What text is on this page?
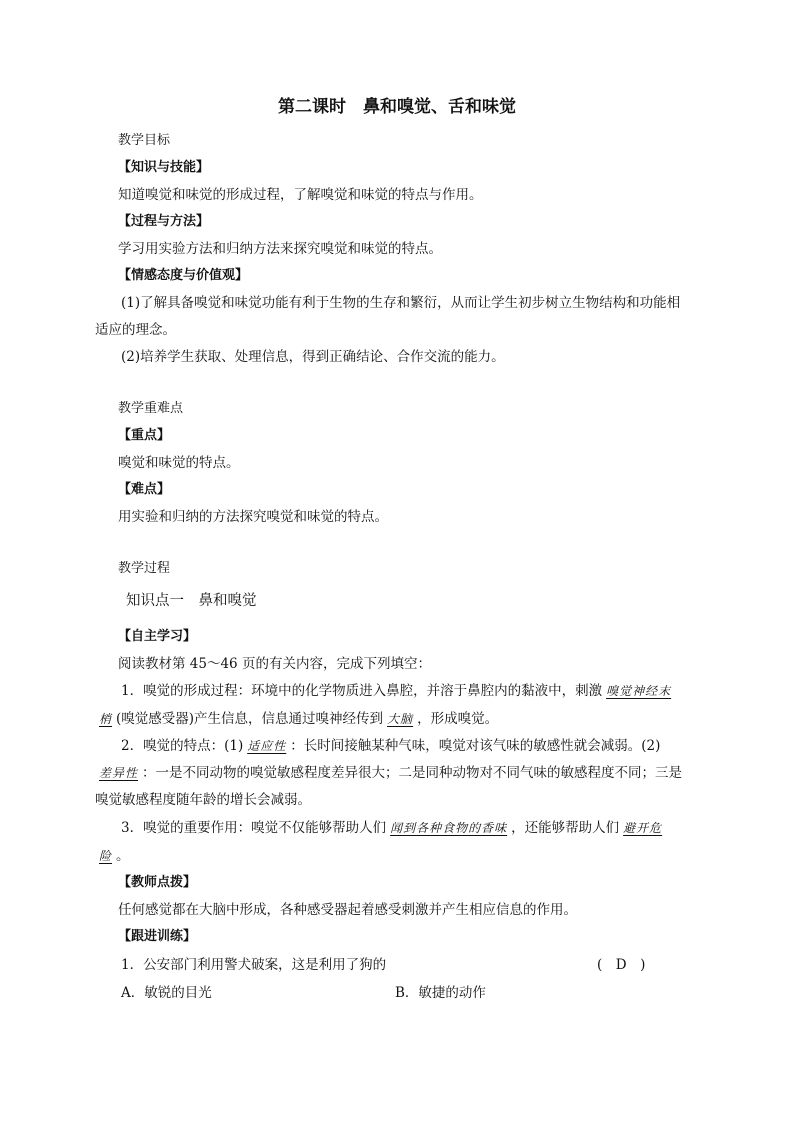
第二课时　鼻和嗅觉、舌和味觉
教学目标
【知识与技能】
知道嗅觉和味觉的形成过程，了解嗅觉和味觉的特点与作用。
【过程与方法】
学习用实验方法和归纳方法来探究嗅觉和味觉的特点。
【情感态度与价值观】
(1)了解具备嗅觉和味觉功能有利于生物的生存和繁衍，从而让学生初步树立生物结构和功能相
适应的理念。
(2)培养学生获取、处理信息，得到正确结论、合作交流的能力。
教学重难点
【重点】
嗅觉和味觉的特点。
【难点】
用实验和归纳的方法探究嗅觉和味觉的特点。
教学过程
知识点一　鼻和嗅觉
【自主学习】
阅读教材第 45～46 页的有关内容，完成下列填空：
1．嗅觉的形成过程：环境中的化学物质进入鼻腔，并溶于鼻腔内的黏液中，刺激 嗅觉神经末
梢 (嗅觉感受器)产生信息，信息通过嗅神经传到 大脑 ，形成嗅觉。
2．嗅觉的特点：(1) 适应性 ：长时间接触某种气味，嗅觉对该气味的敏感性就会减弱。(2)
差异性 ：一是不同动物的嗅觉敏感程度差异很大；二是同种动物对不同气味的敏感程度不同；三是
嗅觉敏感程度随年龄的增长会减弱。
3．嗅觉的重要作用：嗅觉不仅能够帮助人们 闻到各种食物的香味 ，还能够帮助人们 避开危
险 。
【教师点拨】
任何感觉都在大脑中形成，各种感受器起着感受刺激并产生相应信息的作用。
【跟进训练】
1．公安部门利用警犬破案，这是利用了狗的	(　D　)
A．敏锐的目光	B．敏捷的动作
